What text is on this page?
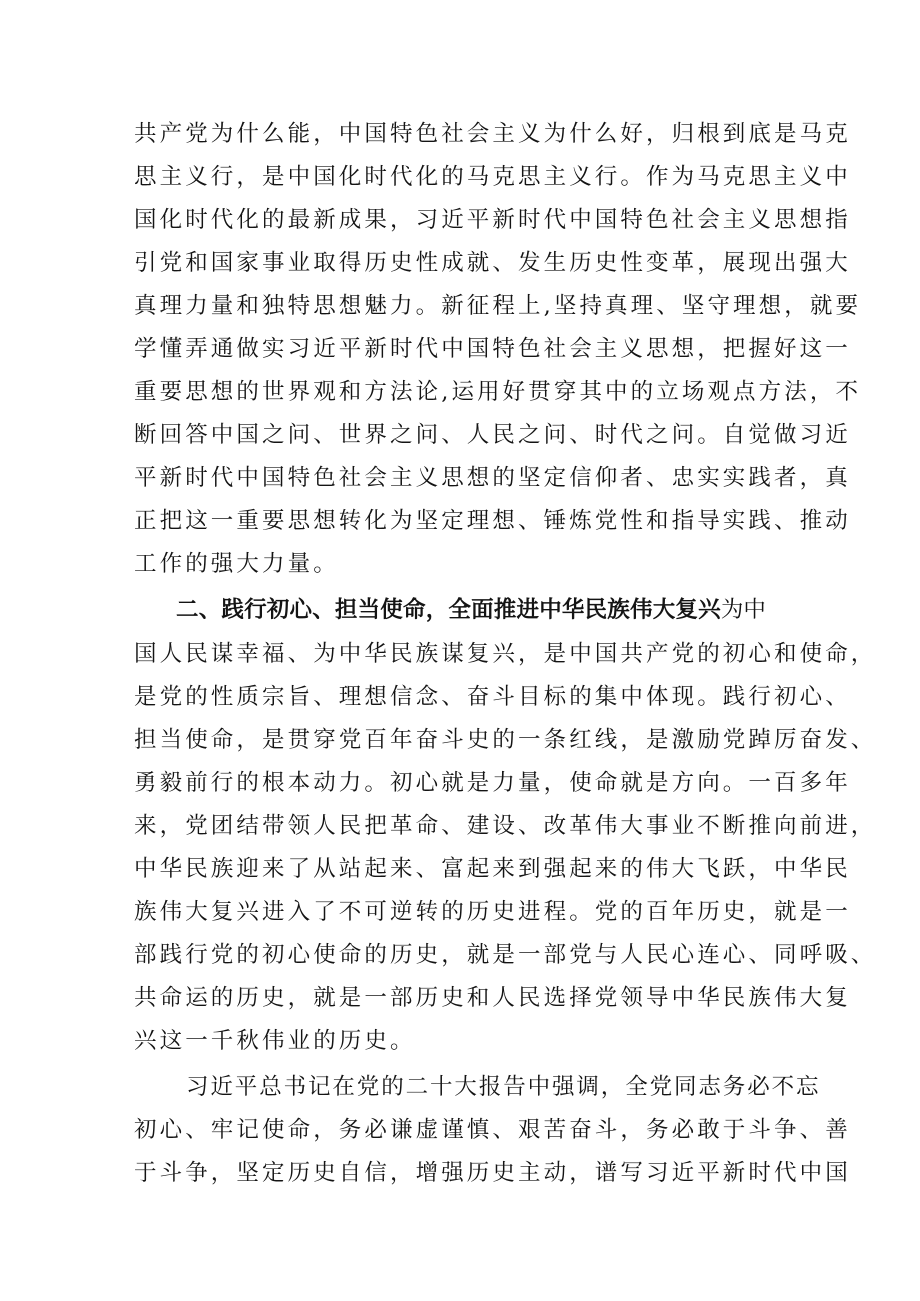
共产党为什么能，中国特色社会主义为什么好，归根到底是马克
思主义行，是中国化时代化的马克思主义行。作为马克思主义中
国化时代化的最新成果，习近平新时代中国特色社会主义思想指
引党和国家事业取得历史性成就、发生历史性变革，展现出强大
真理力量和独特思想魅力。新征程上,坚持真理、坚守理想，就要
学懂弄通做实习近平新时代中国特色社会主义思想，把握好这一
重要思想的世界观和方法论,运用好贯穿其中的立场观点方法，不
断回答中国之问、世界之问、人民之问、时代之问。自觉做习近
平新时代中国特色社会主义思想的坚定信仰者、忠实实践者，真
正把这一重要思想转化为坚定理想、锤炼党性和指导实践、推动
工作的强大力量。
二、践行初心、担当使命，全面推进中华民族伟大复兴为中
国人民谋幸福、为中华民族谋复兴，是中国共产党的初心和使命，
是党的性质宗旨、理想信念、奋斗目标的集中体现。践行初心、
担当使命，是贯穿党百年奋斗史的一条红线，是激励党踔厉奋发、
勇毅前行的根本动力。初心就是力量，使命就是方向。一百多年
来，党团结带领人民把革命、建设、改革伟大事业不断推向前进，
中华民族迎来了从站起来、富起来到强起来的伟大飞跃，中华民
族伟大复兴进入了不可逆转的历史进程。党的百年历史，就是一
部践行党的初心使命的历史，就是一部党与人民心连心、同呼吸、
共命运的历史，就是一部历史和人民选择党领导中华民族伟大复
兴这一千秋伟业的历史。
习近平总书记在党的二十大报告中强调，全党同志务必不忘
初心、牢记使命，务必谦虚谨慎、艰苦奋斗，务必敢于斗争、善
于斗争，坚定历史自信，增强历史主动，谱写习近平新时代中国
